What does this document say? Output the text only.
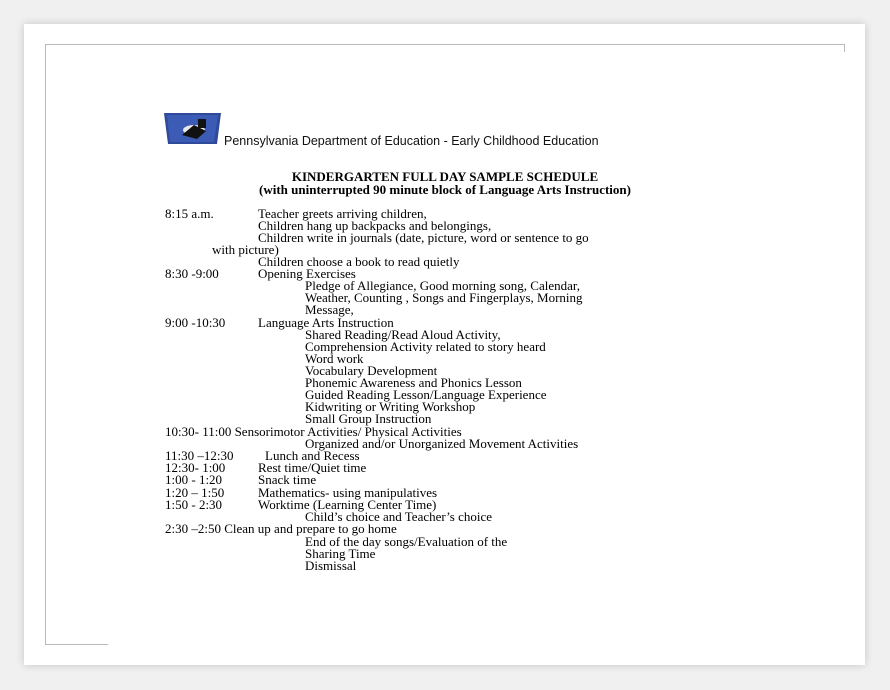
Pennsylvania Department of Education - Early Childhood Education
KINDERGARTEN FULL DAY SAMPLE SCHEDULE
(with uninterrupted 90 minute block of Language Arts Instruction)
8:15 a.m.	Teacher greets arriving children,
Children hang up backpacks and belongings,
Children write in journals (date, picture, word or sentence to go
with picture)
Children choose a book to read quietly
8:30 -9:00	Opening Exercises
Pledge of Allegiance, Good morning song, Calendar,
Weather, Counting , Songs and Fingerplays, Morning
Message,
9:00 -10:30	Language Arts Instruction
Shared Reading/Read Aloud Activity,
Comprehension Activity related to story heard
Word work
Vocabulary Development
Phonemic Awareness and Phonics Lesson
Guided Reading Lesson/Language Experience
Kidwriting or Writing Workshop
Small Group Instruction
10:30- 11:00 Sensorimotor Activities/ Physical Activities
Organized and/or Unorganized Movement Activities
11:30 –12:30 Lunch and Recess
12:30- 1:00	Rest time/Quiet time
1:00 - 1:20	Snack time
1:20 – 1:50	Mathematics- using manipulatives
1:50 - 2:30	Worktime (Learning Center Time)
Child’s choice and Teacher’s choice
2:30 –2:50 Clean up and prepare to go home
End of the day songs/Evaluation of the
Sharing Time
Dismissal
